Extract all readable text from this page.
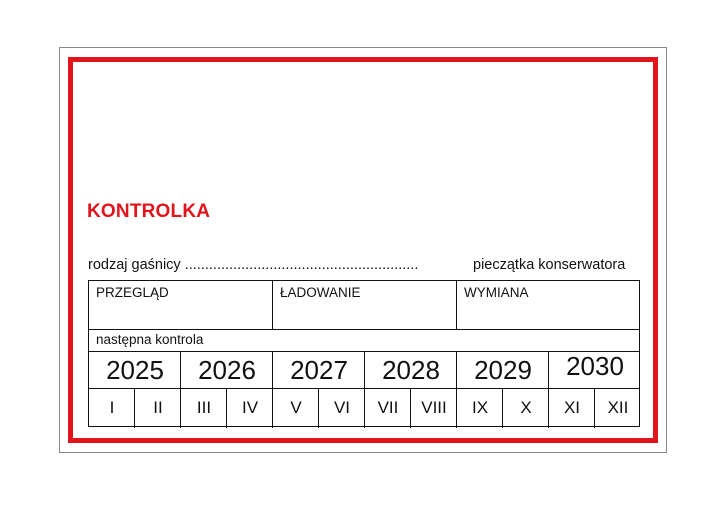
KONTROLKA
rodzaj gaśnicy ..........................................................	pieczątka konserwatora
PRZEGLĄD	ŁADOWANIE	WYMIANA
następna kontrola
2025	2026	2027	2028	2029	2030
I	II	III	IV	V	VI	VII	VIII	IX	X	XI	XII
